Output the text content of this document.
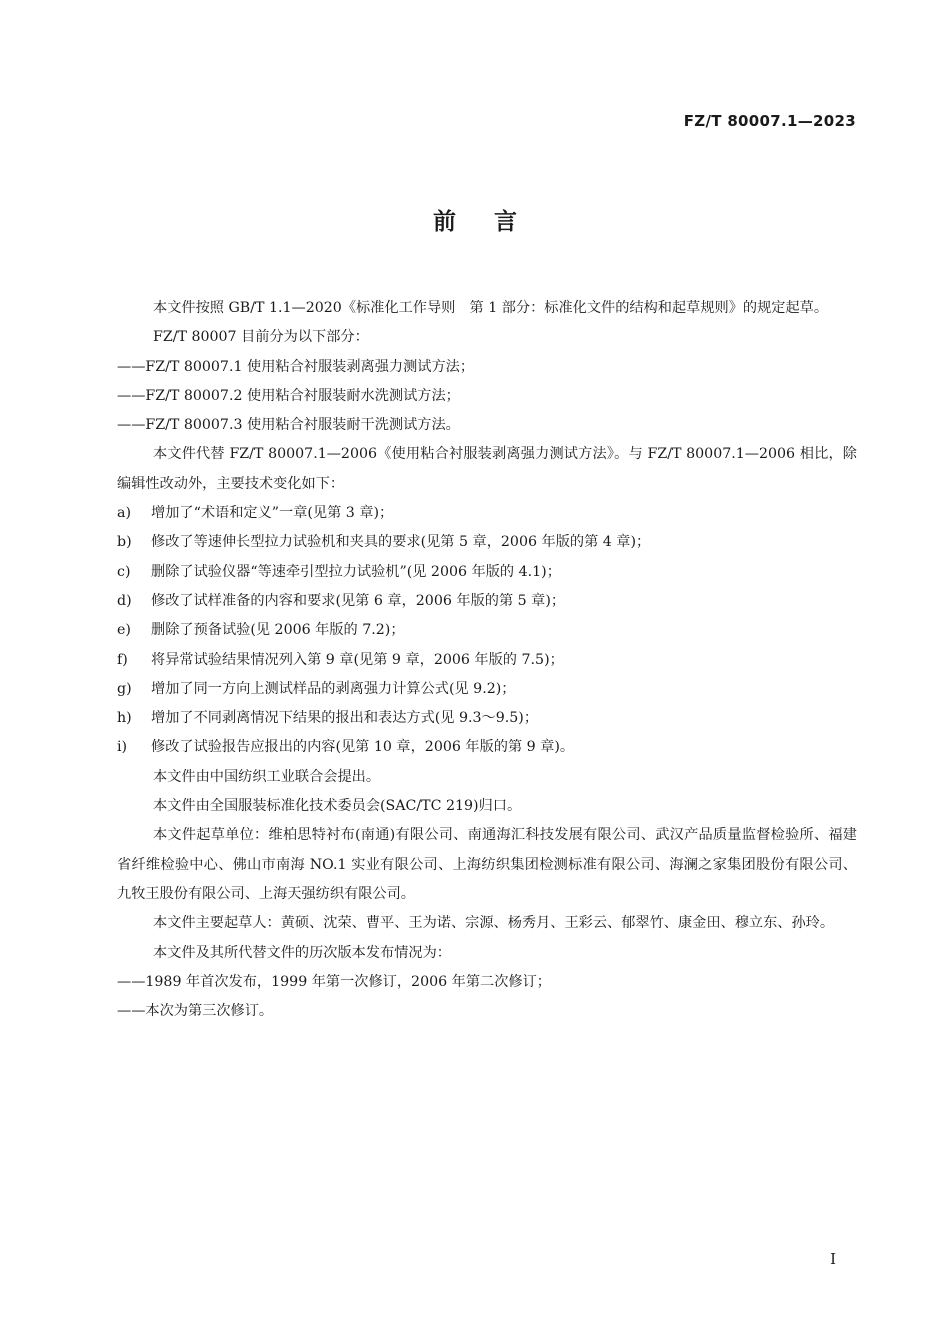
FZ/T 80007.1—2023
前言

本文件按照 GB/T 1.1—2020《标准化工作导则　第 1 部分：标准化文件的结构和起草规则》的规定起草。

FZ/T 80007 目前分为以下部分：

——FZ/T 80007.1 使用粘合衬服装剥离强力测试方法；

——FZ/T 80007.2 使用粘合衬服装耐水洗测试方法；

——FZ/T 80007.3 使用粘合衬服装耐干洗测试方法。

本文件代替 FZ/T 80007.1—2006《使用粘合衬服装剥离强力测试方法》。与 FZ/T 80007.1—2006 相比，除编辑性改动外，主要技术变化如下：

a)	增加了“术语和定义”一章(见第 3 章)；

b)	修改了等速伸长型拉力试验机和夹具的要求(见第 5 章，2006 年版的第 4 章)；

c)	删除了试验仪器“等速牵引型拉力试验机”(见 2006 年版的 4.1)；

d)	修改了试样准备的内容和要求(见第 6 章，2006 年版的第 5 章)；

e)	删除了预备试验(见 2006 年版的 7.2)；

f)	将异常试验结果情况列入第 9 章(见第 9 章，2006 年版的 7.5)；

g)	增加了同一方向上测试样品的剥离强力计算公式(见 9.2)；

h)	增加了不同剥离情况下结果的报出和表达方式(见 9.3～9.5)；

i)	修改了试验报告应报出的内容(见第 10 章，2006 年版的第 9 章)。

本文件由中国纺织工业联合会提出。

本文件由全国服装标准化技术委员会(SAC/TC 219)归口。

本文件起草单位：维柏思特衬布(南通)有限公司、南通海汇科技发展有限公司、武汉产品质量监督检验所、福建省纤维检验中心、佛山市南海 NO.1 实业有限公司、上海纺织集团检测标准有限公司、海澜之家集团股份有限公司、九牧王股份有限公司、上海天强纺织有限公司。

本文件主要起草人：黄硕、沈荣、曹平、王为诺、宗源、杨秀月、王彩云、郁翠竹、康金田、穆立东、孙玲。

本文件及其所代替文件的历次版本发布情况为：

——1989 年首次发布，1999 年第一次修订，2006 年第二次修订；

——本次为第三次修订。

I
